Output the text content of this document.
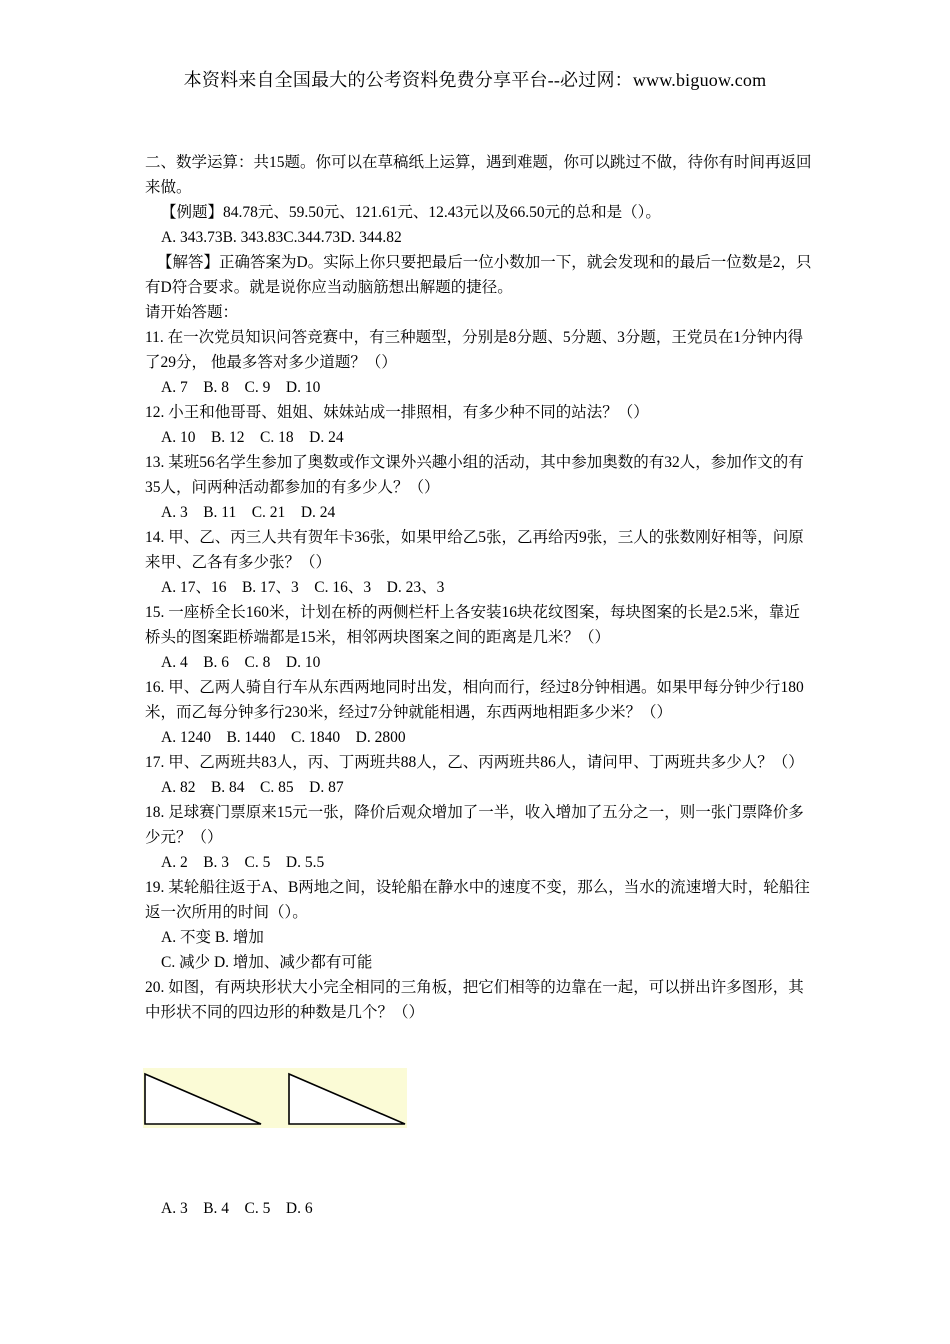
本资料来自全国最大的公考资料免费分享平台--必过网：www.biguow.com

二、数学运算：共15题。你可以在草稿纸上运算，遇到难题，你可以跳过不做，待你有时间再返回来做。

【例题】84.78元、59.50元、121.61元、12.43元以及66.50元的总和是（）。

A. 343.73B. 343.83C.344.73D. 344.82

【解答】正确答案为D。实际上你只要把最后一位小数加一下，就会发现和的最后一位数是2，只有D符合要求。就是说你应当动脑筋想出解题的捷径。

请开始答题：

11. 在一次党员知识问答竞赛中，有三种题型，分别是8分题、5分题、3分题，王党员在1分钟内得了29分， 他最多答对多少道题？（）

A. 7 B. 8 C. 9 D. 10

12. 小王和他哥哥、姐姐、妹妹站成一排照相，有多少种不同的站法？（）

A. 10 B. 12 C. 18 D. 24

13. 某班56名学生参加了奥数或作文课外兴趣小组的活动，其中参加奥数的有32人，参加作文的有35人，问两种活动都参加的有多少人？（）

A. 3 B. 11 C. 21 D. 24

14. 甲、乙、丙三人共有贺年卡36张，如果甲给乙5张，乙再给丙9张，三人的张数刚好相等，问原来甲、乙各有多少张？（）

A. 17、16 B. 17、3 C. 16、3 D. 23、3

15. 一座桥全长160米，计划在桥的两侧栏杆上各安装16块花纹图案，每块图案的长是2.5米，靠近桥头的图案距桥端都是15米，相邻两块图案之间的距离是几米？（）

A. 4 B. 6 C. 8 D. 10

16. 甲、乙两人骑自行车从东西两地同时出发，相向而行，经过8分钟相遇。如果甲每分钟少行180米，而乙每分钟多行230米，经过7分钟就能相遇，东西两地相距多少米？（）

A. 1240 B. 1440 C. 1840 D. 2800

17. 甲、乙两班共83人，丙、丁两班共88人，乙、丙两班共86人，请问甲、丁两班共多少人？（）

A. 82 B. 84 C. 85 D. 87

18. 足球赛门票原来15元一张，降价后观众增加了一半，收入增加了五分之一，则一张门票降价多少元？（）

A. 2 B. 3 C. 5 D. 5.5

19. 某轮船往返于A、B两地之间，设轮船在静水中的速度不变，那么，当水的流速增大时，轮船往返一次所用的时间（）。

A. 不变 B. 增加

C. 减少 D. 增加、减少都有可能

20. 如图，有两块形状大小完全相同的三角板，把它们相等的边靠在一起，可以拼出许多图形，其中形状不同的四边形的种数是几个？（）

A. 3 B. 4 C. 5 D. 6
